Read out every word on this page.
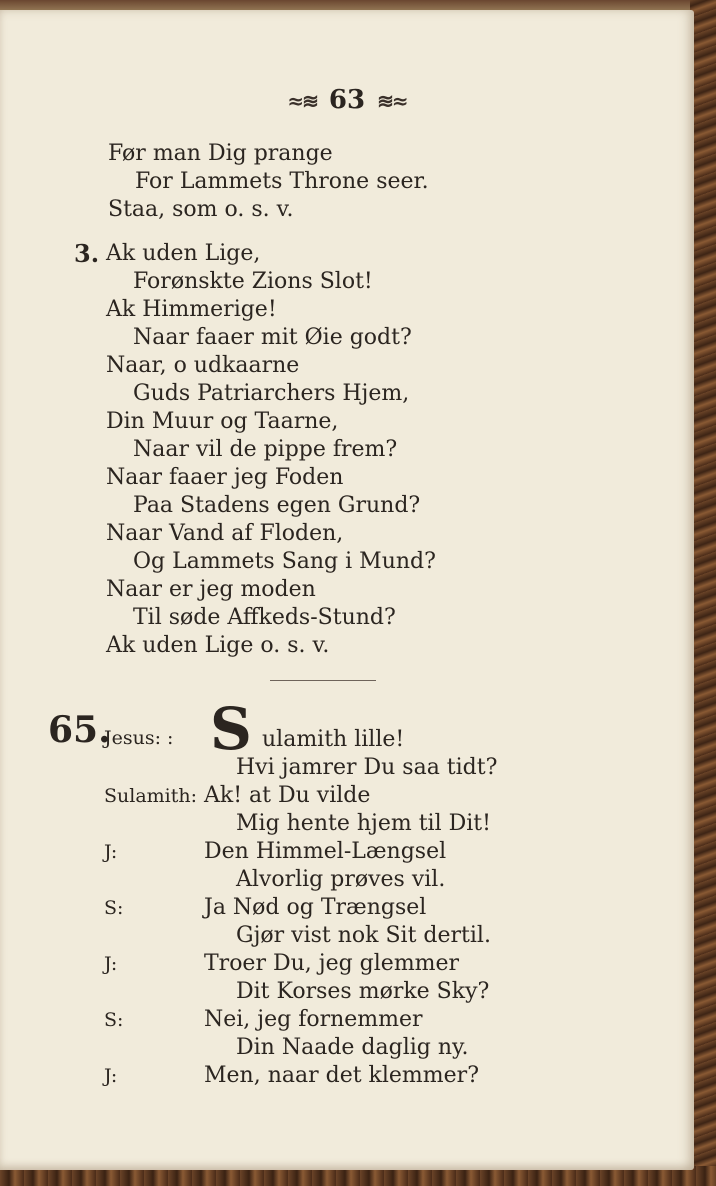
≈≋ 63 ≋≈
Før man Dig prange
For Lammets Throne seer.
Staa, som o. s. v.
3. Ak uden Lige,
Forønskte Zions Slot!
Ak Himmerige!
Naar faaer mit Øie godt?
Naar, o udkaarne
Guds Patriarchers Hjem,
Din Muur og Taarne,
Naar vil de pippe frem?
Naar faaer jeg Foden
Paa Stadens egen Grund?
Naar Vand af Floden,
Og Lammets Sang i Mund?
Naar er jeg moden
Til søde Affkeds-Stund?
Ak uden Lige o. s. v.
65.
Jesus: : S ulamith lille!
Hvi jamrer Du saa tidt?
Sulamith: Ak! at Du vilde
Mig hente hjem til Dit!
J:	Den Himmel-Længsel
Alvorlig prøves vil.
S:	Ja Nød og Trængsel
Gjør vist nok Sit dertil.
J:	Troer Du, jeg glemmer
Dit Korses mørke Sky?
S:	Nei, jeg fornemmer
Din Naade daglig ny.
J:	Men, naar det klemmer?
